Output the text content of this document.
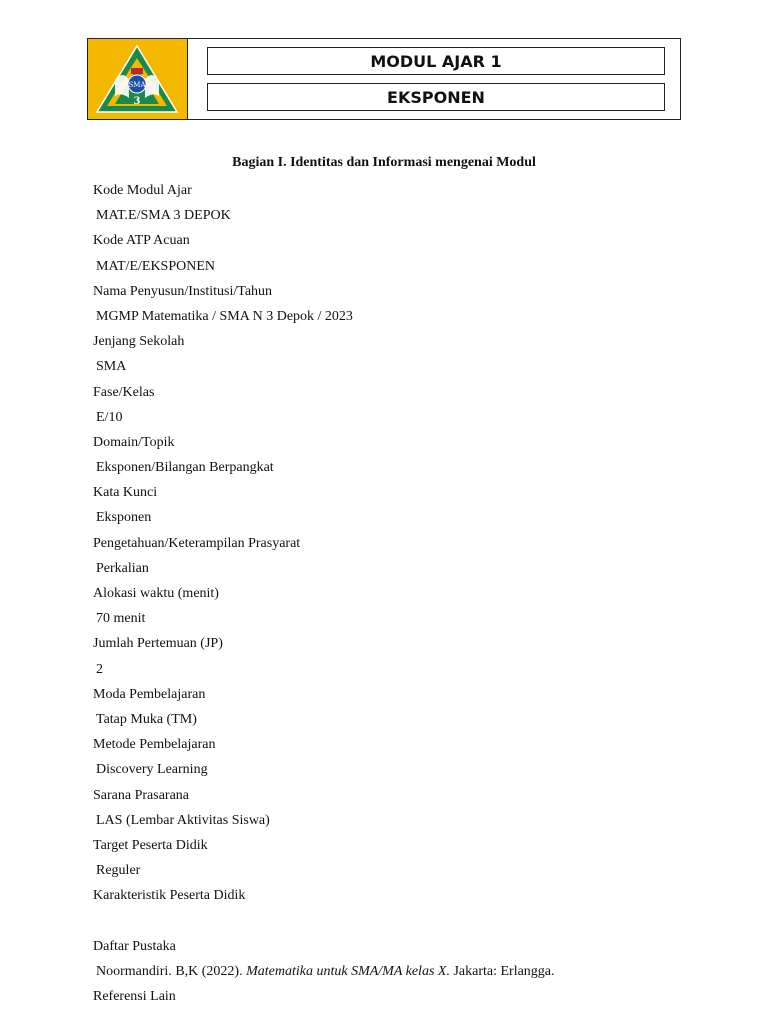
SMA
3
MODUL AJAR 1
EKSPONEN
Bagian I. Identitas dan Informasi mengenai Modul
Kode Modul Ajar
MAT.E/SMA 3 DEPOK
Kode ATP Acuan
MAT/E/EKSPONEN
Nama Penyusun/Institusi/Tahun
MGMP Matematika / SMA N 3 Depok / 2023
Jenjang Sekolah
SMA
Fase/Kelas
E/10
Domain/Topik
Eksponen/Bilangan Berpangkat
Kata Kunci
Eksponen
Pengetahuan/Keterampilan Prasyarat
Perkalian
Alokasi waktu (menit)
70 menit
Jumlah Pertemuan (JP)
2
Moda Pembelajaran
Tatap Muka (TM)
Metode Pembelajaran
Discovery Learning
Sarana Prasarana
LAS (Lembar Aktivitas Siswa)
Target Peserta Didik
Reguler
Karakteristik Peserta Didik
Daftar Pustaka
Noormandiri. B,K (2022). Matematika untuk SMA/MA kelas X. Jakarta: Erlangga.
Referensi Lain
